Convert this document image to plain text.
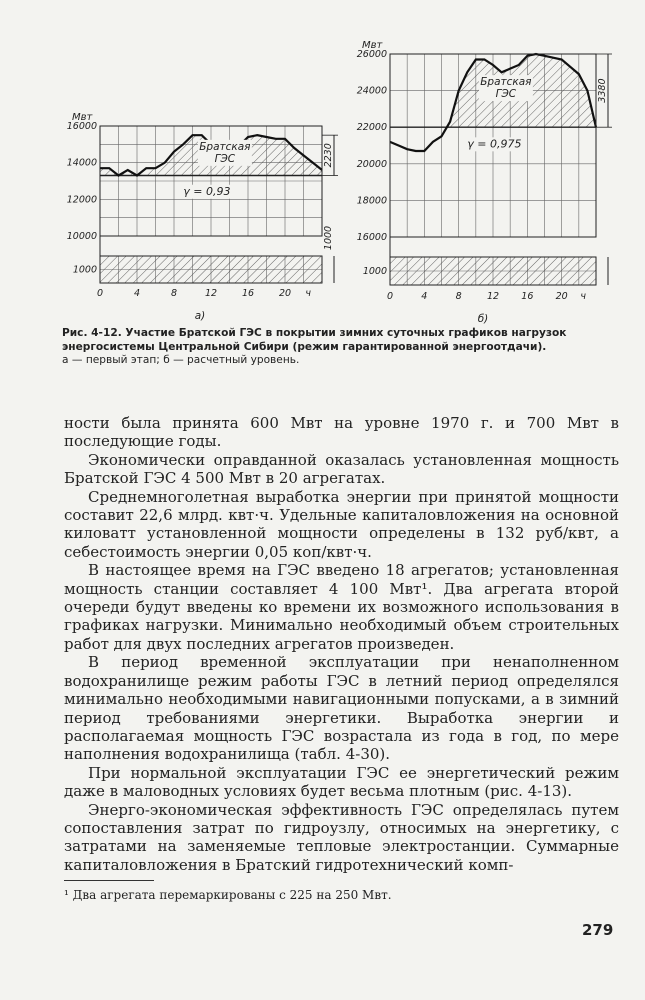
16000
14000
12000
10000
1000
Мвт
0	4	8	12	16	20 ч
а)
Братская
ГЭС
γ = 0,93
2230
1000
26000
24000
22000
20000
18000
16000
1000
Мвт
0	4	8	12 16 20 ч
б)
Братская
ГЭС
γ = 0,975
3380
Рис. 4-12. Участие Братской ГЭС в покрытии зимних суточных графиков нагрузок энергосистемы Центральной Сибири (режим гарантированной энергоотдачи).
а — первый этап; б — расчетный уровень.

ности была принята 600 Мвт на уровне 1970 г. и 700 Мвт в последующие годы.

Экономически оправданной оказалась установленная мощность Братской ГЭС 4 500 Мвт в 20 агрегатах.

Среднемноголетная выработка энергии при принятой мощности составит 22,6 млрд. квт·ч. Удельные капиталовложения на основной киловатт установленной мощности определены в 132 руб/квт, а себестоимость энергии 0,05 коп/квт·ч.

В настоящее время на ГЭС введено 18 агрегатов; установленная мощность станции составляет 4 100 Мвт¹. Два агрегата второй очереди будут введены ко времени их возможного использования в графиках нагрузки. Минимально необходимый объем строительных работ для двух последних агрегатов произведен.

В период временной эксплуатации при ненаполненном водохранилище режим работы ГЭС в летний период определялся минимально необходимыми навигационными попусками, а в зимний период требованиями энергетики. Выработка энергии и располагаемая мощность ГЭС возрастала из года в год, по мере наполнения водохранилища (табл. 4-30).

При нормальной эксплуатации ГЭС ее энергетический режим даже в маловодных условиях будет весьма плотным (рис. 4-13).

Энерго-экономическая эффективность ГЭС определялась путем сопоставления затрат по гидроузлу, относимых на энергетику, с затратами на заменяемые тепловые электростанции. Суммарные капиталовложения в Братский гидротехнический комп-

¹ Два агрегата перемаркированы с 225 на 250 Мвт.
279
